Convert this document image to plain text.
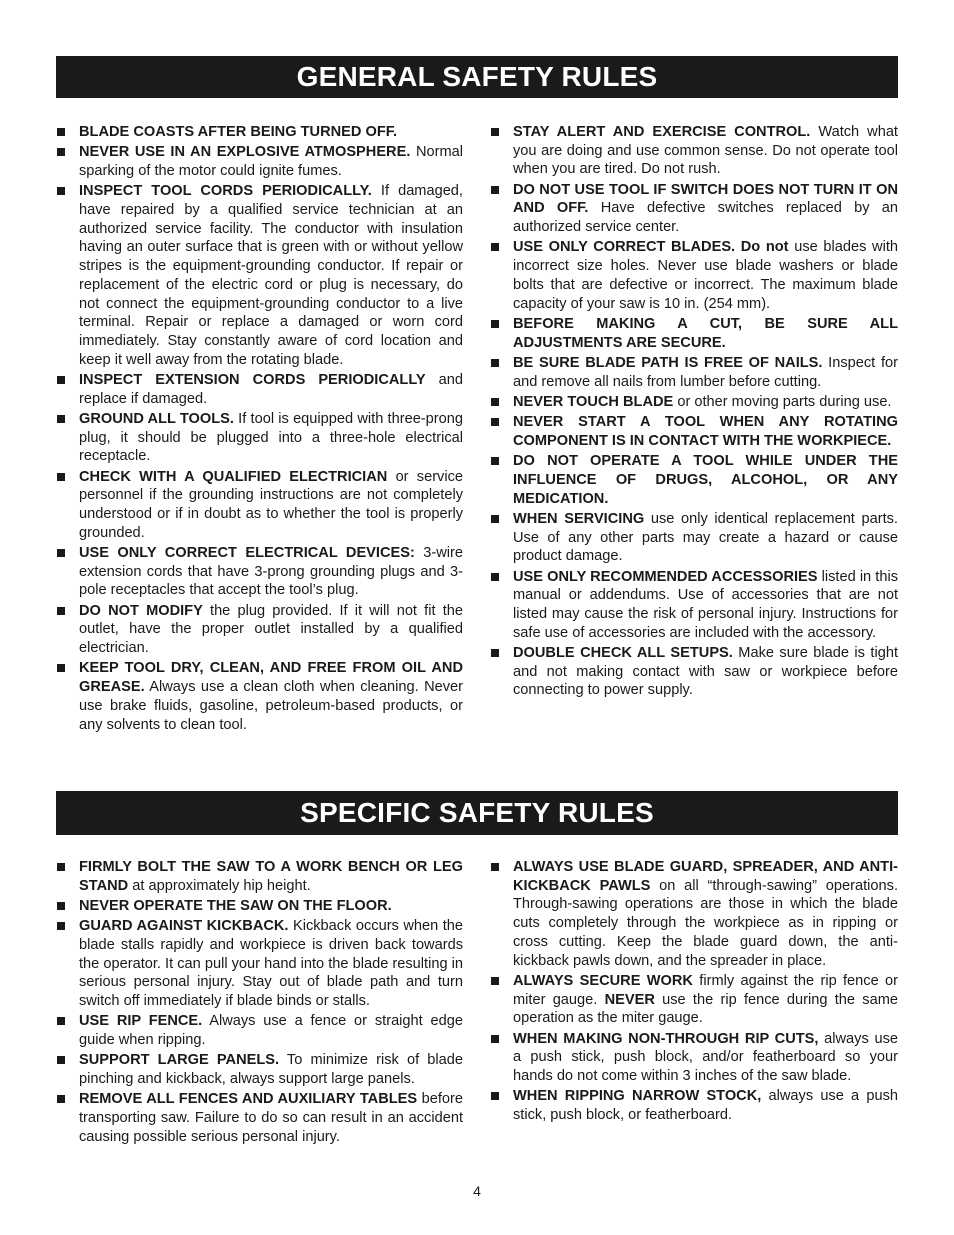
GENERAL SAFETY RULES
BLADE COASTS AFTER BEING TURNED OFF.
NEVER USE IN AN EXPLOSIVE ATMOSPHERE. Normal sparking of the motor could ignite fumes.
INSPECT TOOL CORDS PERIODICALLY. If damaged, have repaired by a qualified service technician at an authorized service facility. The conductor with insulation having an outer surface that is green with or without yellow stripes is the equipment-grounding conductor. If repair or replacement of the electric cord or plug is necessary, do not connect the equipment-grounding conductor to a live terminal. Repair or replace a damaged or worn cord immediately. Stay constantly aware of cord location and keep it well away from the rotating blade.
INSPECT EXTENSION CORDS PERIODICALLY and replace if damaged.
GROUND ALL TOOLS. If tool is equipped with three-prong plug, it should be plugged into a three-hole electrical receptacle.
CHECK WITH A QUALIFIED ELECTRICIAN or service personnel if the grounding instructions are not completely understood or if in doubt as to whether the tool is properly grounded.
USE ONLY CORRECT ELECTRICAL DEVICES: 3-wire extension cords that have 3-prong grounding plugs and 3-pole receptacles that accept the tool’s plug.
DO NOT MODIFY the plug provided. If it will not fit the outlet, have the proper outlet installed by a qualified electrician.
KEEP TOOL DRY, CLEAN, AND FREE FROM OIL AND GREASE. Always use a clean cloth when cleaning. Never use brake fluids, gasoline, petroleum-based products, or any solvents to clean tool.
STAY ALERT AND EXERCISE CONTROL. Watch what you are doing and use common sense. Do not operate tool when you are tired. Do not rush.
DO NOT USE TOOL IF SWITCH DOES NOT TURN IT ON AND OFF. Have defective switches replaced by an authorized service center.
USE ONLY CORRECT BLADES. Do not use blades with incorrect size holes. Never use blade washers or blade bolts that are defective or incorrect. The maximum blade capacity of your saw is 10 in. (254 mm).
BEFORE MAKING A CUT, BE SURE ALL ADJUSTMENTS ARE SECURE.
BE SURE BLADE PATH IS FREE OF NAILS. Inspect for and remove all nails from lumber before cutting.
NEVER TOUCH BLADE or other moving parts during use.
NEVER START A TOOL WHEN ANY ROTATING COMPONENT IS IN CONTACT WITH THE WORKPIECE.
DO NOT OPERATE A TOOL WHILE UNDER THE INFLUENCE OF DRUGS, ALCOHOL, OR ANY MEDICATION.
WHEN SERVICING use only identical replacement parts. Use of any other parts may create a hazard or cause product damage.
USE ONLY RECOMMENDED ACCESSORIES listed in this manual or addendums. Use of accessories that are not listed may cause the risk of personal injury. Instructions for safe use of accessories are included with the accessory.
DOUBLE CHECK ALL SETUPS. Make sure blade is tight and not making contact with saw or workpiece before connecting to power supply.
SPECIFIC SAFETY RULES
FIRMLY BOLT THE SAW TO A WORK BENCH OR LEG STAND at approximately hip height.
NEVER OPERATE THE SAW ON THE FLOOR.
GUARD AGAINST KICKBACK. Kickback occurs when the blade stalls rapidly and workpiece is driven back towards the operator. It can pull your hand into the blade resulting in serious personal injury. Stay out of blade path and turn switch off immediately if blade binds or stalls.
USE RIP FENCE. Always use a fence or straight edge guide when ripping.
SUPPORT LARGE PANELS. To minimize risk of blade pinching and kickback, always support large panels.
REMOVE ALL FENCES AND AUXILIARY TABLES before transporting saw. Failure to do so can result in an accident causing possible serious personal injury.
ALWAYS USE BLADE GUARD, SPREADER, AND ANTI-KICKBACK PAWLS on all “through-sawing” operations. Through-sawing operations are those in which the blade cuts completely through the workpiece as in ripping or cross cutting. Keep the blade guard down, the anti-kickback pawls down, and the spreader in place.
ALWAYS SECURE WORK firmly against the rip fence or miter gauge. NEVER use the rip fence during the same operation as the miter gauge.
WHEN MAKING NON-THROUGH RIP CUTS, always use a push stick, push block, and/or featherboard so your hands do not come within 3 inches of the saw blade.
WHEN RIPPING NARROW STOCK, always use a push stick, push block, or featherboard.
4
